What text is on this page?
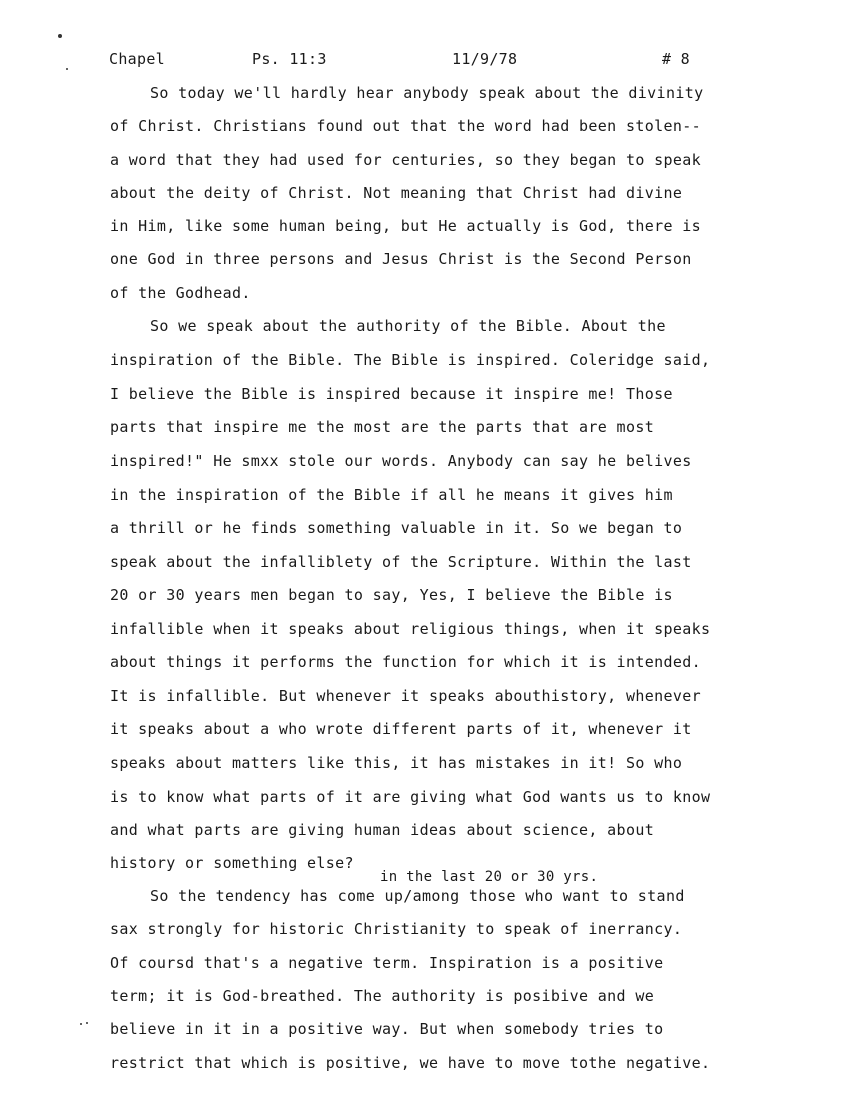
Chapel	Ps. 11:3	11/9/78	# 8
So today we'll hardly hear anybody speak about the divinity
of Christ. Christians found out that the word had been stolen--
a word that they had used for centuries, so they began to speak
about the deity of Christ. Not meaning that Christ had divine
in Him, like some human being, but He actually is God, there is
one God in three persons and Jesus Christ is the Second Person
of the Godhead.
So we speak about the authority of the Bible. About the
inspiration of the Bible. The Bible is inspired. Coleridge said,
I believe the Bible is inspired because it inspire me! Those
parts that inspire me the most are the parts that are most
inspired!" He smxx stole our words. Anybody can say he belives
in the inspiration of the Bible if all he means it gives him
a thrill or he finds something valuable in it. So we began to
speak about the infalliblety of the Scripture. Within the last
20 or 30 years men began to say, Yes, I believe the Bible is
infallible when it speaks about religious things, when it speaks
about things it performs the function for which it is intended.
It is infallible. But whenever it speaks abouthistory, whenever
it speaks about a who wrote different parts of it, whenever it
speaks about matters like this, it has mistakes in it! So who
is to know what parts of it are giving what God wants us to know
and what parts are giving human ideas about science, about
history or something else?
in the last 20 or 30 yrs.
So the tendency has come up/among those who want to stand
sax strongly for historic Christianity to speak of inerrancy.
Of coursd that's a negative term. Inspiration is a positive
term; it is God-breathed. The authority is posibive and we
believe in it in a positive way. But when somebody tries to
restrict that which is positive, we have to move tothe negative.
